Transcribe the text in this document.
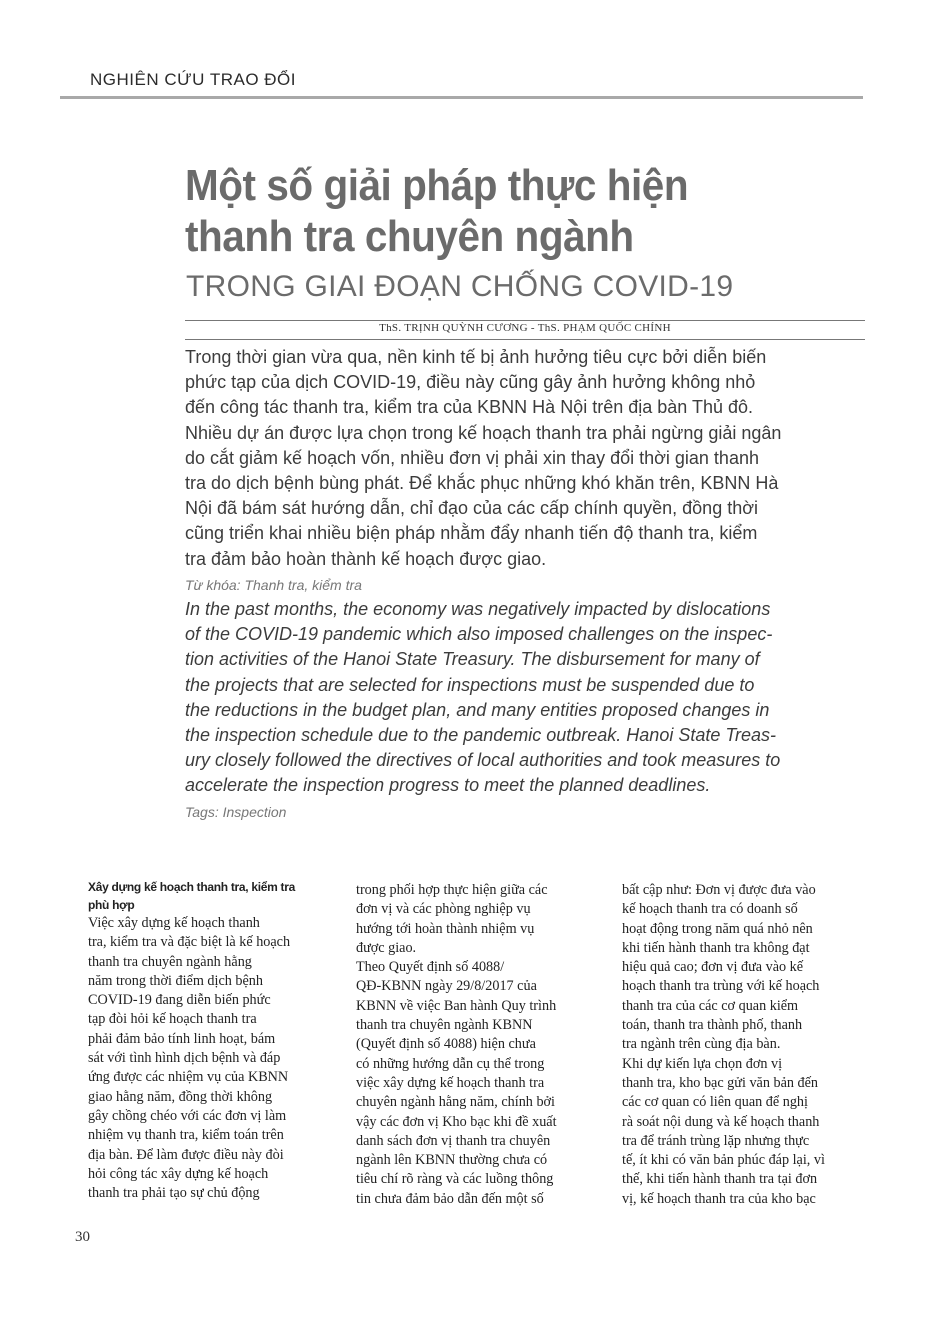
NGHIÊN CỨU TRAO ĐỔI
Một số giải pháp thực hiện
thanh tra chuyên ngành
TRONG GIAI ĐOẠN CHỐNG COVID-19
ThS. TRỊNH QUỲNH CƯƠNG - ThS. PHẠM QUỐC CHÍNH
Trong thời gian vừa qua, nền kinh tế bị ảnh hưởng tiêu cực bởi diễn biến
phức tạp của dịch COVID-19, điều này cũng gây ảnh hưởng không nhỏ
đến công tác thanh tra, kiểm tra của KBNN Hà Nội trên địa bàn Thủ đô.
Nhiều dự án được lựa chọn trong kế hoạch thanh tra phải ngừng giải ngân
do cắt giảm kế hoạch vốn, nhiều đơn vị phải xin thay đổi thời gian thanh
tra do dịch bệnh bùng phát. Để khắc phục những khó khăn trên, KBNN Hà
Nội đã bám sát hướng dẫn, chỉ đạo của các cấp chính quyền, đồng thời
cũng triển khai nhiều biện pháp nhằm đẩy nhanh tiến độ thanh tra, kiểm
tra đảm bảo hoàn thành kế hoạch được giao.
Từ khóa: Thanh tra, kiểm tra
In the past months, the economy was negatively impacted by dislocations
of the COVID-19 pandemic which also imposed challenges on the inspec-
tion activities of the Hanoi State Treasury. The disbursement for many of
the projects that are selected for inspections must be suspended due to
the reductions in the budget plan, and many entities proposed changes in
the inspection schedule due to the pandemic outbreak. Hanoi State Treas-
ury closely followed the directives of local authorities and took measures to
accelerate the inspection progress to meet the planned deadlines.
Tags: Inspection
Xây dựng kế hoạch thanh tra, kiểm tra
phù hợp
Việc xây dựng kế hoạch thanh
tra, kiểm tra và đặc biệt là kế hoạch
thanh tra chuyên ngành hằng
năm trong thời điểm dịch bệnh
COVID-19 đang diễn biến phức
tạp đòi hỏi kế hoạch thanh tra
phải đảm bảo tính linh hoạt, bám
sát với tình hình dịch bệnh và đáp
ứng được các nhiệm vụ của KBNN
giao hằng năm, đồng thời không
gây chồng chéo với các đơn vị làm
nhiệm vụ thanh tra, kiểm toán trên
địa bàn. Để làm được điều này đòi
hỏi công tác xây dựng kế hoạch
thanh tra phải tạo sự chủ động
trong phối hợp thực hiện giữa các
đơn vị và các phòng nghiệp vụ
hướng tới hoàn thành nhiệm vụ
được giao.
Theo Quyết định số 4088/
QĐ-KBNN ngày 29/8/2017 của
KBNN về việc Ban hành Quy trình
thanh tra chuyên ngành KBNN
(Quyết định số 4088) hiện chưa
có những hướng dẫn cụ thể trong
việc xây dựng kế hoạch thanh tra
chuyên ngành hằng năm, chính bởi
vậy các đơn vị Kho bạc khi đề xuất
danh sách đơn vị thanh tra chuyên
ngành lên KBNN thường chưa có
tiêu chí rõ ràng và các luồng thông
tin chưa đảm bảo dẫn đến một số
bất cập như: Đơn vị được đưa vào
kế hoạch thanh tra có doanh số
hoạt động trong năm quá nhỏ nên
khi tiến hành thanh tra không đạt
hiệu quả cao; đơn vị đưa vào kế
hoạch thanh tra trùng với kế hoạch
thanh tra của các cơ quan kiểm
toán, thanh tra thành phố, thanh
tra ngành trên cùng địa bàn.
Khi dự kiến lựa chọn đơn vị
thanh tra, kho bạc gửi văn bản đến
các cơ quan có liên quan để nghị
rà soát nội dung và kế hoạch thanh
tra để tránh trùng lặp nhưng thực
tế, ít khi có văn bản phúc đáp lại, vì
thế, khi tiến hành thanh tra tại đơn
vị, kế hoạch thanh tra của kho bạc
30
